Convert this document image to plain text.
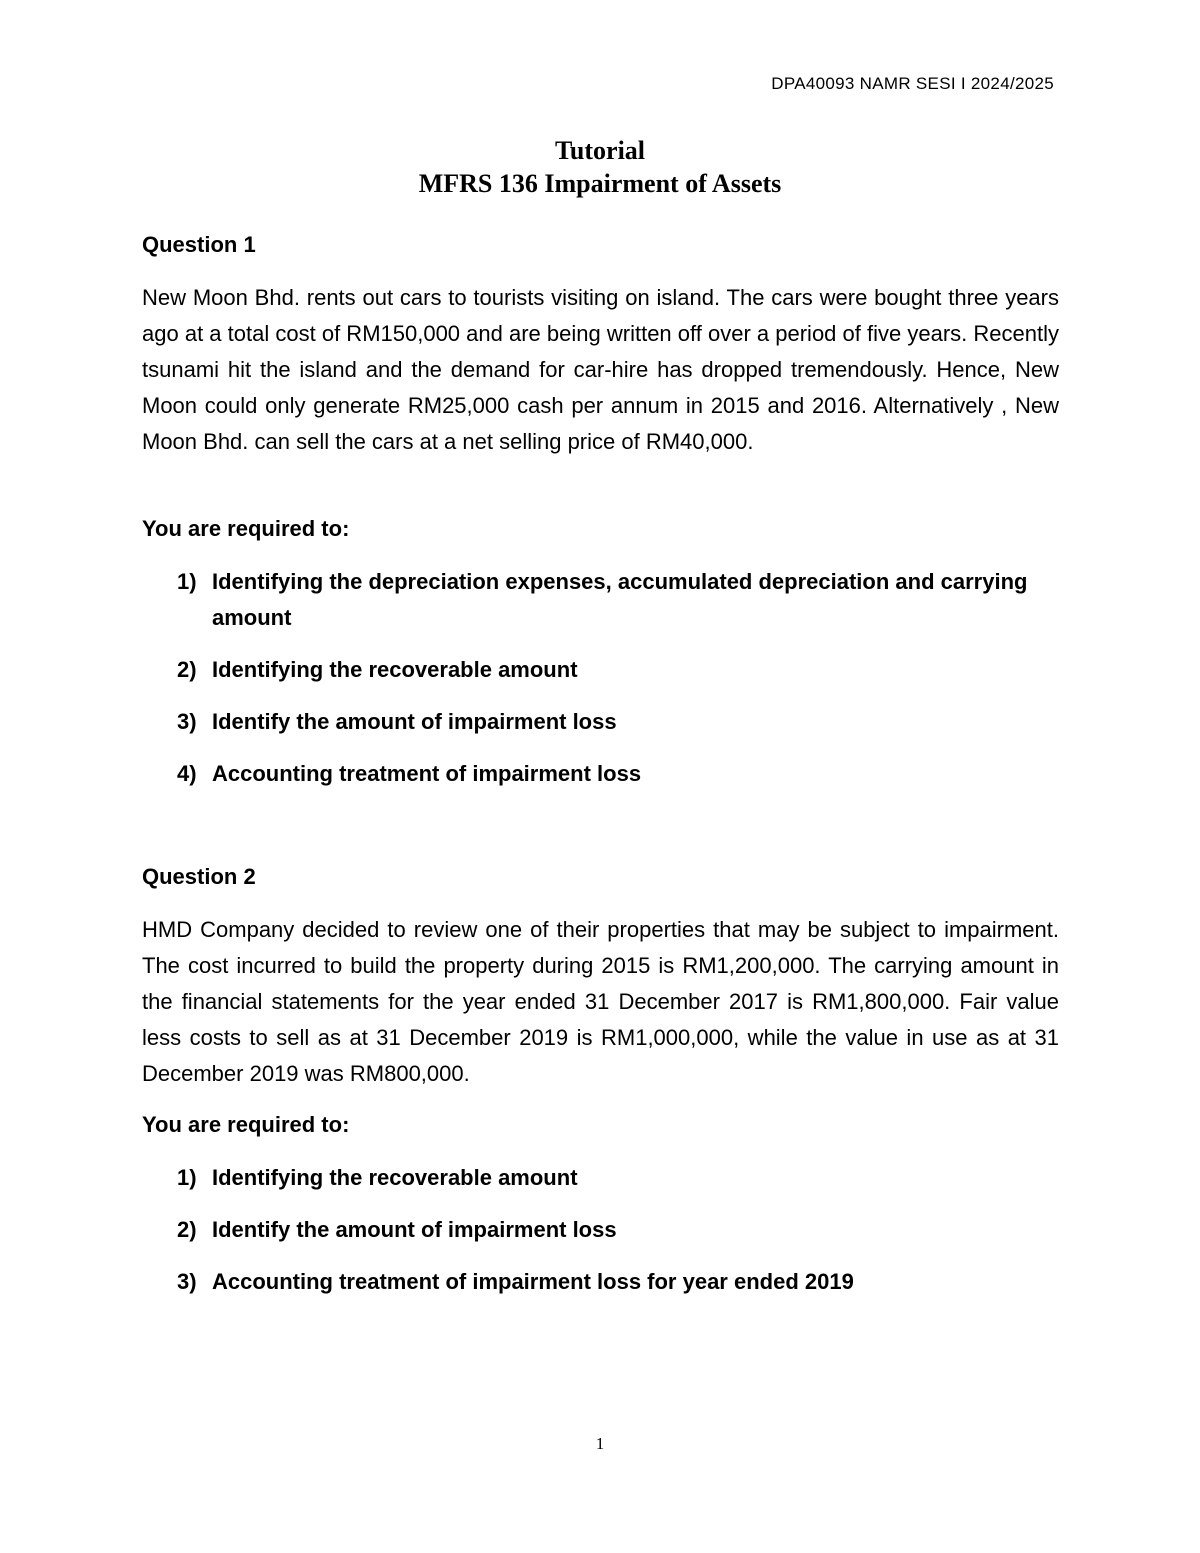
DPA40093 NAMR SESI I 2024/2025
Tutorial
MFRS 136 Impairment of Assets

Question 1

New Moon Bhd. rents out cars to tourists visiting on island. The cars were bought three years ago at a total cost of RM150,000 and are being written off over a period of five years. Recently tsunami hit the island and the demand for car-hire has dropped tremendously. Hence, New Moon could only generate RM25,000 cash per annum in 2015 and 2016. Alternatively , New Moon Bhd. can sell the cars at a net selling price of RM40,000.

You are required to:

1) Identifying the depreciation expenses, accumulated depreciation and carrying amount
2) Identifying the recoverable amount
3) Identify the amount of impairment loss
4) Accounting treatment of impairment loss

Question 2

HMD Company decided to review one of their properties that may be subject to impairment. The cost incurred to build the property during 2015 is RM1,200,000. The carrying amount in the financial statements for the year ended 31 December 2017 is RM1,800,000. Fair value less costs to sell as at 31 December 2019 is RM1,000,000, while the value in use as at 31 December 2019 was RM800,000.

You are required to:

1) Identifying the recoverable amount
2) Identify the amount of impairment loss
3) Accounting treatment of impairment loss for year ended 2019
1
